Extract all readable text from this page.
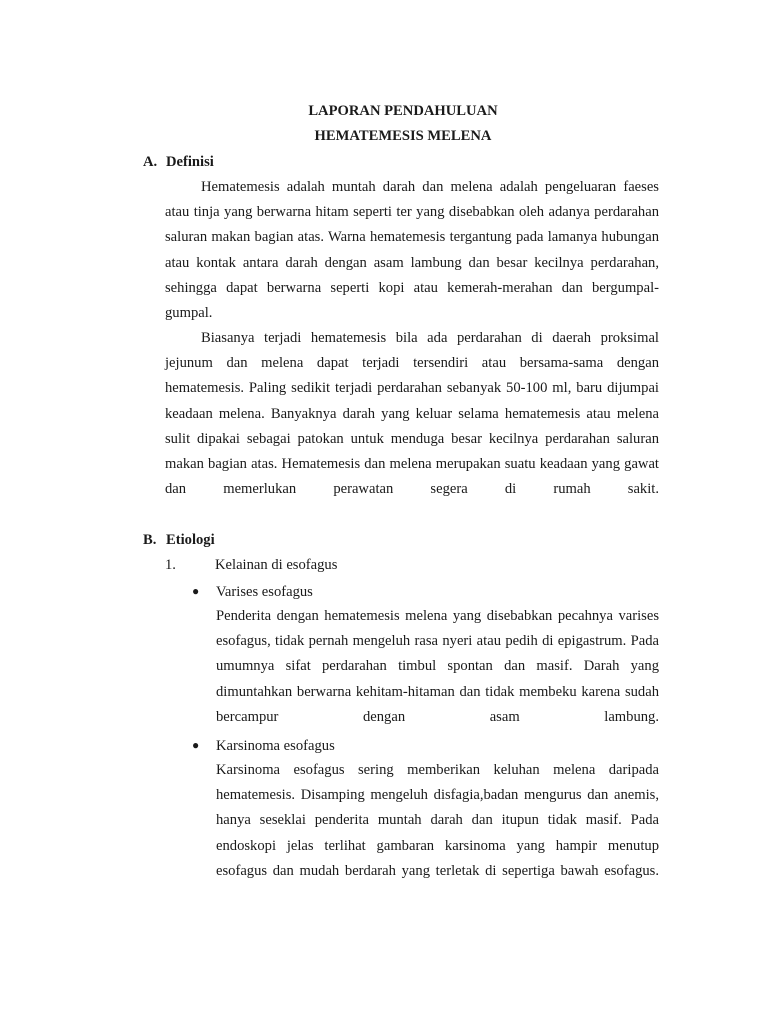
LAPORAN PENDAHULUAN
HEMATEMESIS MELENA
A. Definisi

Hematemesis adalah muntah darah dan melena adalah pengeluaran faeses atau tinja yang berwarna hitam seperti ter yang disebabkan oleh adanya perdarahan saluran makan bagian atas. Warna hematemesis tergantung pada lamanya hubungan atau kontak antara darah dengan asam lambung dan besar kecilnya perdarahan, sehingga dapat berwarna seperti kopi atau kemerah-merahan dan bergumpal-gumpal.

Biasanya terjadi hematemesis bila ada perdarahan di daerah proksimal jejunum dan melena dapat terjadi tersendiri atau bersama-sama dengan hematemesis. Paling sedikit terjadi perdarahan sebanyak 50-100 ml, baru dijumpai keadaan melena. Banyaknya darah yang keluar selama hematemesis atau melena sulit dipakai sebagai patokan untuk menduga besar kecilnya perdarahan saluran makan bagian atas. Hematemesis dan melena merupakan suatu keadaan yang gawat dan memerlukan perawatan segera di rumah sakit.

B. Etiologi
1.	Kelainan di esofagus
● Varises esofagus

Penderita dengan hematemesis melena yang disebabkan pecahnya varises esofagus, tidak pernah mengeluh rasa nyeri atau pedih di epigastrum. Pada umumnya sifat perdarahan timbul spontan dan masif. Darah yang dimuntahkan berwarna kehitam-hitaman dan tidak membeku karena sudah bercampur dengan asam lambung.

● Karsinoma esofagus

Karsinoma esofagus sering memberikan keluhan melena daripada hematemesis. Disamping mengeluh disfagia,badan mengurus dan anemis, hanya seseklai penderita muntah darah dan itupun tidak masif. Pada endoskopi jelas terlihat gambaran karsinoma yang hampir menutup esofagus dan mudah berdarah yang terletak di sepertiga bawah esofagus.
